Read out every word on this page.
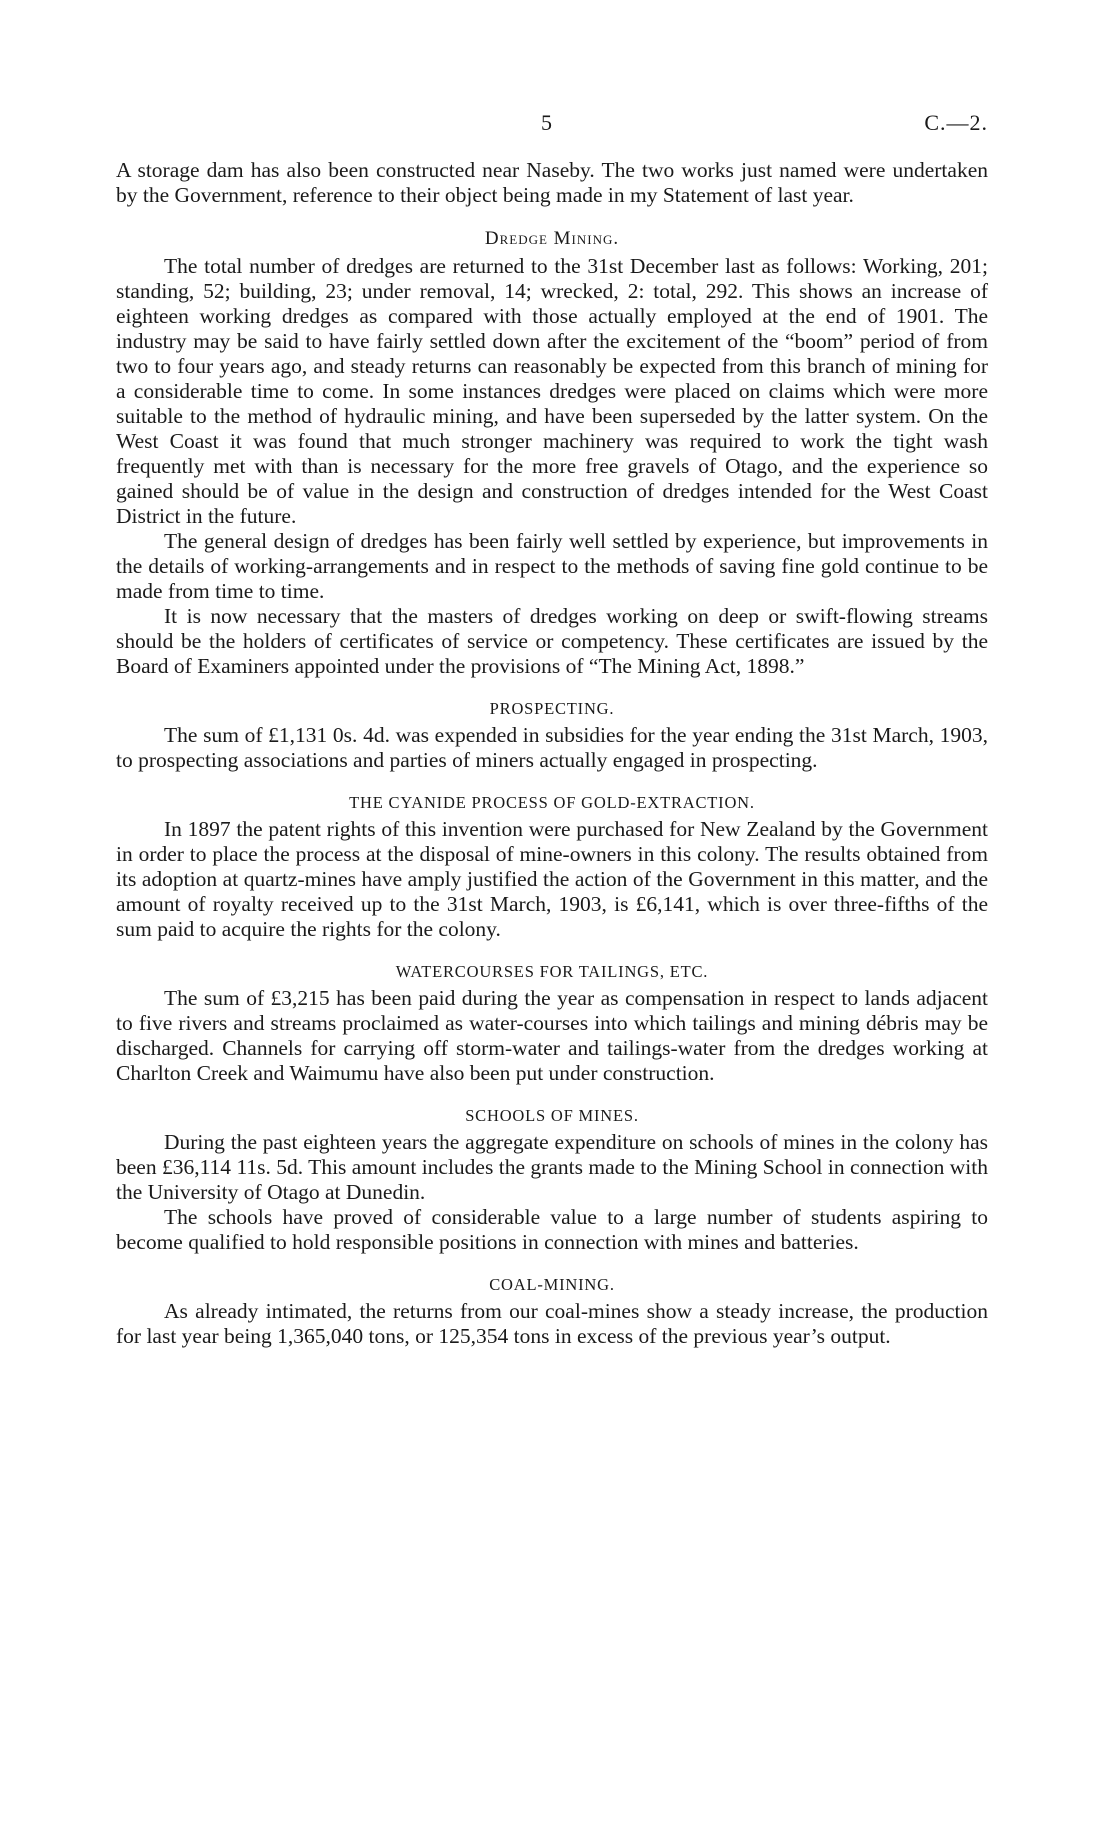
5	C.—2.

A storage dam has also been constructed near Naseby. The two works just named were undertaken by the Government, reference to their object being made in my Statement of last year.

Dredge Mining.

The total number of dredges are returned to the 31st December last as follows: Working, 201; standing, 52; building, 23; under removal, 14; wrecked, 2: total, 292. This shows an increase of eighteen working dredges as compared with those actually employed at the end of 1901. The industry may be said to have fairly settled down after the excitement of the “boom” period of from two to four years ago, and steady returns can reasonably be expected from this branch of mining for a considerable time to come. In some instances dredges were placed on claims which were more suitable to the method of hydraulic mining, and have been superseded by the latter system. On the West Coast it was found that much stronger machinery was required to work the tight wash frequently met with than is necessary for the more free gravels of Otago, and the experience so gained should be of value in the design and construction of dredges intended for the West Coast District in the future.

The general design of dredges has been fairly well settled by experience, but improvements in the details of working-arrangements and in respect to the methods of saving fine gold continue to be made from time to time.

It is now necessary that the masters of dredges working on deep or swift-flowing streams should be the holders of certificates of service or competency. These certificates are issued by the Board of Examiners appointed under the provisions of “The Mining Act, 1898.”

PROSPECTING.

The sum of £1,131 0s. 4d. was expended in subsidies for the year ending the 31st March, 1903, to prospecting associations and parties of miners actually engaged in prospecting.

THE CYANIDE PROCESS OF GOLD-EXTRACTION.

In 1897 the patent rights of this invention were purchased for New Zealand by the Government in order to place the process at the disposal of mine-owners in this colony. The results obtained from its adoption at quartz-mines have amply justified the action of the Government in this matter, and the amount of royalty received up to the 31st March, 1903, is £6,141, which is over three-fifths of the sum paid to acquire the rights for the colony.

WATERCOURSES FOR TAILINGS, ETC.

The sum of £3,215 has been paid during the year as compensation in respect to lands adjacent to five rivers and streams proclaimed as water-courses into which tailings and mining débris may be discharged. Channels for carrying off storm-water and tailings-water from the dredges working at Charlton Creek and Waimumu have also been put under construction.

SCHOOLS OF MINES.

During the past eighteen years the aggregate expenditure on schools of mines in the colony has been £36,114 11s. 5d. This amount includes the grants made to the Mining School in connection with the University of Otago at Dunedin.

The schools have proved of considerable value to a large number of students aspiring to become qualified to hold responsible positions in connection with mines and batteries.

COAL-MINING.

As already intimated, the returns from our coal-mines show a steady increase, the production for last year being 1,365,040 tons, or 125,354 tons in excess of the previous year’s output.
